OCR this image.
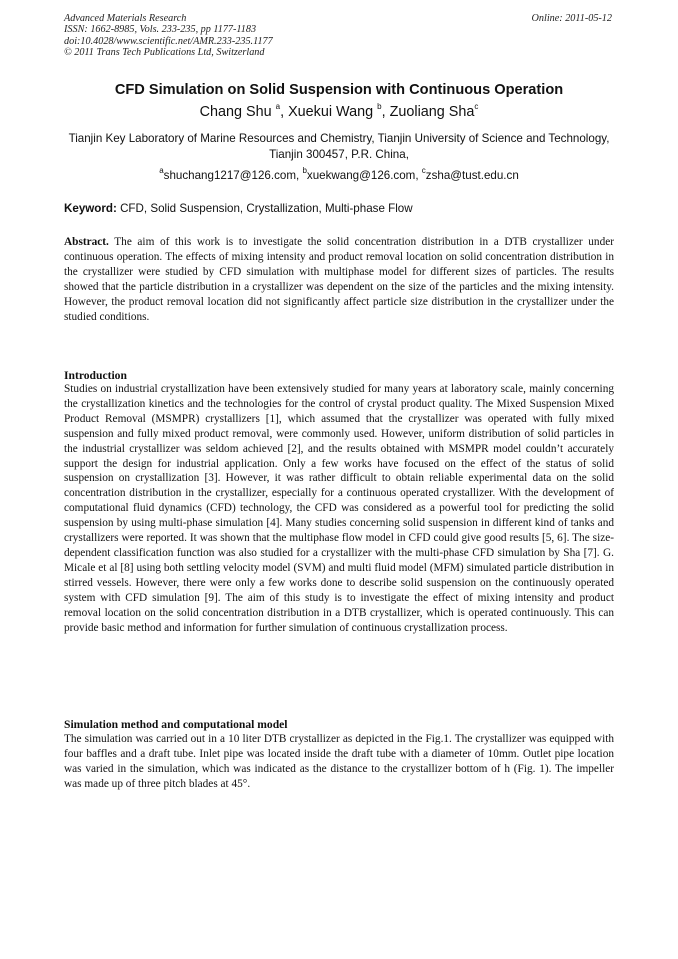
Advanced Materials Research
ISSN: 1662-8985, Vols. 233-235, pp 1177-1183
doi:10.4028/www.scientific.net/AMR.233-235.1177
© 2011 Trans Tech Publications Ltd, Switzerland
Online: 2011-05-12
CFD Simulation on Solid Suspension with Continuous Operation
Chang Shu $^a$, Xuekui Wang $^b$, Zuoliang Sha$^c$
Tianjin Key Laboratory of Marine Resources and Chemistry, Tianjin University of Science and Technology, Tianjin 300457, P.R. China,
$^a$shuchang1217@126.com, $^b$xuekwang@126.com, $^c$zsha@tust.edu.cn
Keyword: CFD, Solid Suspension, Crystallization, Multi-phase Flow
Abstract. The aim of this work is to investigate the solid concentration distribution in a DTB crystallizer under continuous operation. The effects of mixing intensity and product removal location on solid concentration distribution in the crystallizer were studied by CFD simulation with multiphase model for different sizes of particles. The results showed that the particle distribution in a crystallizer was dependent on the size of the particles and the mixing intensity. However, the product removal location did not significantly affect particle size distribution in the crystallizer under the studied conditions.
Introduction
Studies on industrial crystallization have been extensively studied for many years at laboratory scale, mainly concerning the crystallization kinetics and the technologies for the control of crystal product quality. The Mixed Suspension Mixed Product Removal (MSMPR) crystallizers [1], which assumed that the crystallizer was operated with fully mixed suspension and fully mixed product removal, were commonly used. However, uniform distribution of solid particles in the industrial crystallizer was seldom achieved [2], and the results obtained with MSMPR model couldn’t accurately support the design for industrial application. Only a few works have focused on the effect of the status of solid suspension on crystallization [3]. However, it was rather difficult to obtain reliable experimental data on the solid concentration distribution in the crystallizer, especially for a continuous operated crystallizer. With the development of computational fluid dynamics (CFD) technology, the CFD was considered as a powerful tool for predicting the solid suspension by using multi-phase simulation [4]. Many studies concerning solid suspension in different kind of tanks and crystallizers were reported. It was shown that the multiphase flow model in CFD could give good results [5, 6]. The size-dependent classification function was also studied for a crystallizer with the multi-phase CFD simulation by Sha [7]. G. Micale et al [8] using both settling velocity model (SVM) and multi fluid model (MFM) simulated particle distribution in stirred vessels. However, there were only a few works done to describe solid suspension on the continuously operated system with CFD simulation [9]. The aim of this study is to investigate the effect of mixing intensity and product removal location on the solid concentration distribution in a DTB crystallizer, which is operated continuously. This can provide basic method and information for further simulation of continuous crystallization process.
Simulation method and computational model
The simulation was carried out in a 10 liter DTB crystallizer as depicted in the Fig.1. The crystallizer was equipped with four baffles and a draft tube. Inlet pipe was located inside the draft tube with a diameter of 10mm. Outlet pipe location was varied in the simulation, which was indicated as the distance to the crystallizer bottom of h (Fig. 1). The impeller was made up of three pitch blades at 45°.
